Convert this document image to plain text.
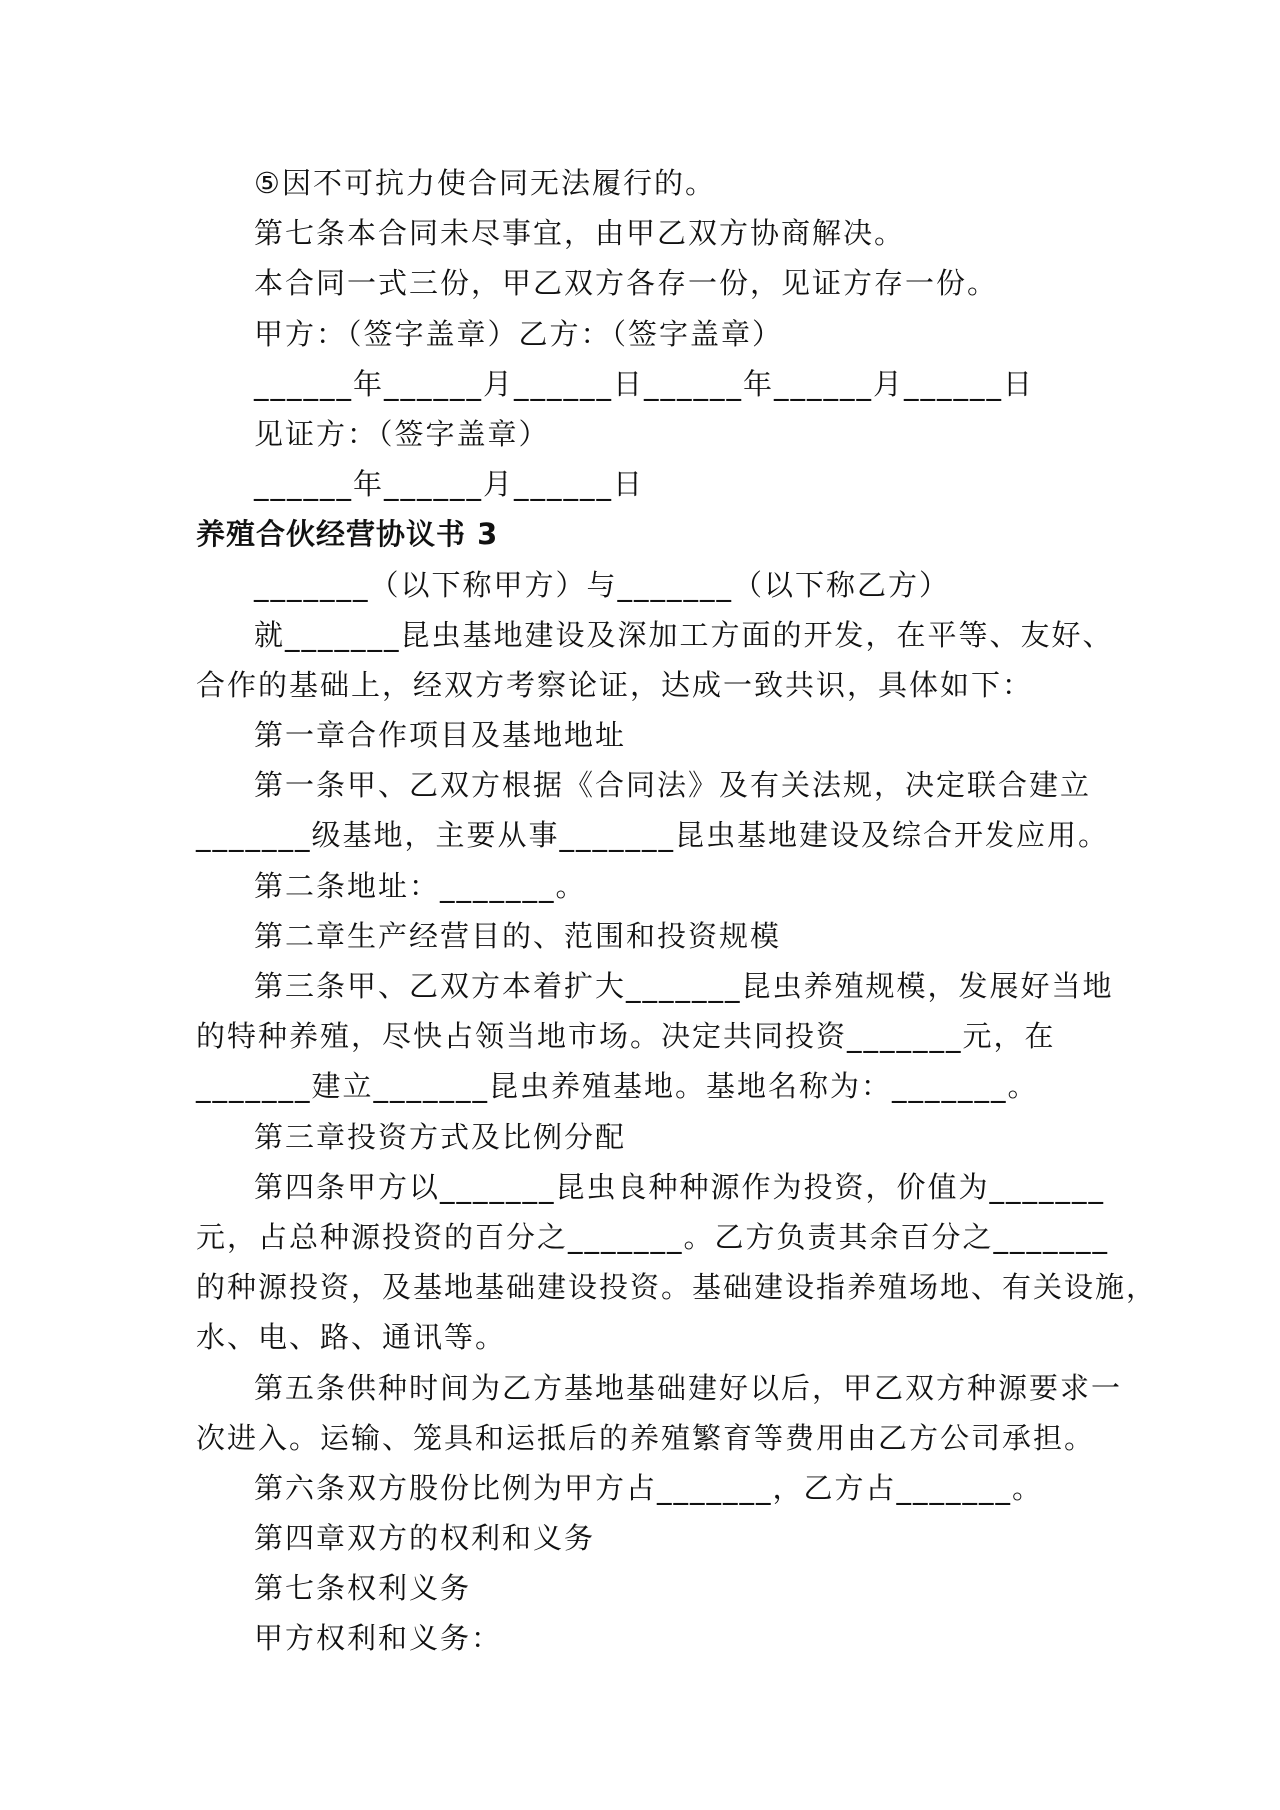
⑤因不可抗力使合同无法履行的。
第七条本合同未尽事宜，由甲乙双方协商解决。
本合同一式三份，甲乙双方各存一份，见证方存一份。
甲方：（签字盖章）乙方：（签字盖章）
______年______月______日______年______月______日
见证方：（签字盖章）
______年______月______日
养殖合伙经营协议书 3
_______（以下称甲方）与_______（以下称乙方）
就_______昆虫基地建设及深加工方面的开发，在平等、友好、
合作的基础上，经双方考察论证，达成一致共识，具体如下：
第一章合作项目及基地地址
第一条甲、乙双方根据《合同法》及有关法规，决定联合建立
_______级基地，主要从事_______昆虫基地建设及综合开发应用。
第二条地址：_______。
第二章生产经营目的、范围和投资规模
第三条甲、乙双方本着扩大_______昆虫养殖规模，发展好当地
的特种养殖，尽快占领当地市场。决定共同投资_______元，在
_______建立_______昆虫养殖基地。基地名称为：_______。
第三章投资方式及比例分配
第四条甲方以_______昆虫良种种源作为投资，价值为_______
元，占总种源投资的百分之_______。乙方负责其余百分之_______
的种源投资，及基地基础建设投资。基础建设指养殖场地、有关设施，
水、电、路、通讯等。
第五条供种时间为乙方基地基础建好以后，甲乙双方种源要求一
次进入。运输、笼具和运抵后的养殖繁育等费用由乙方公司承担。
第六条双方股份比例为甲方占_______，乙方占_______。
第四章双方的权利和义务
第七条权利义务
甲方权利和义务：
